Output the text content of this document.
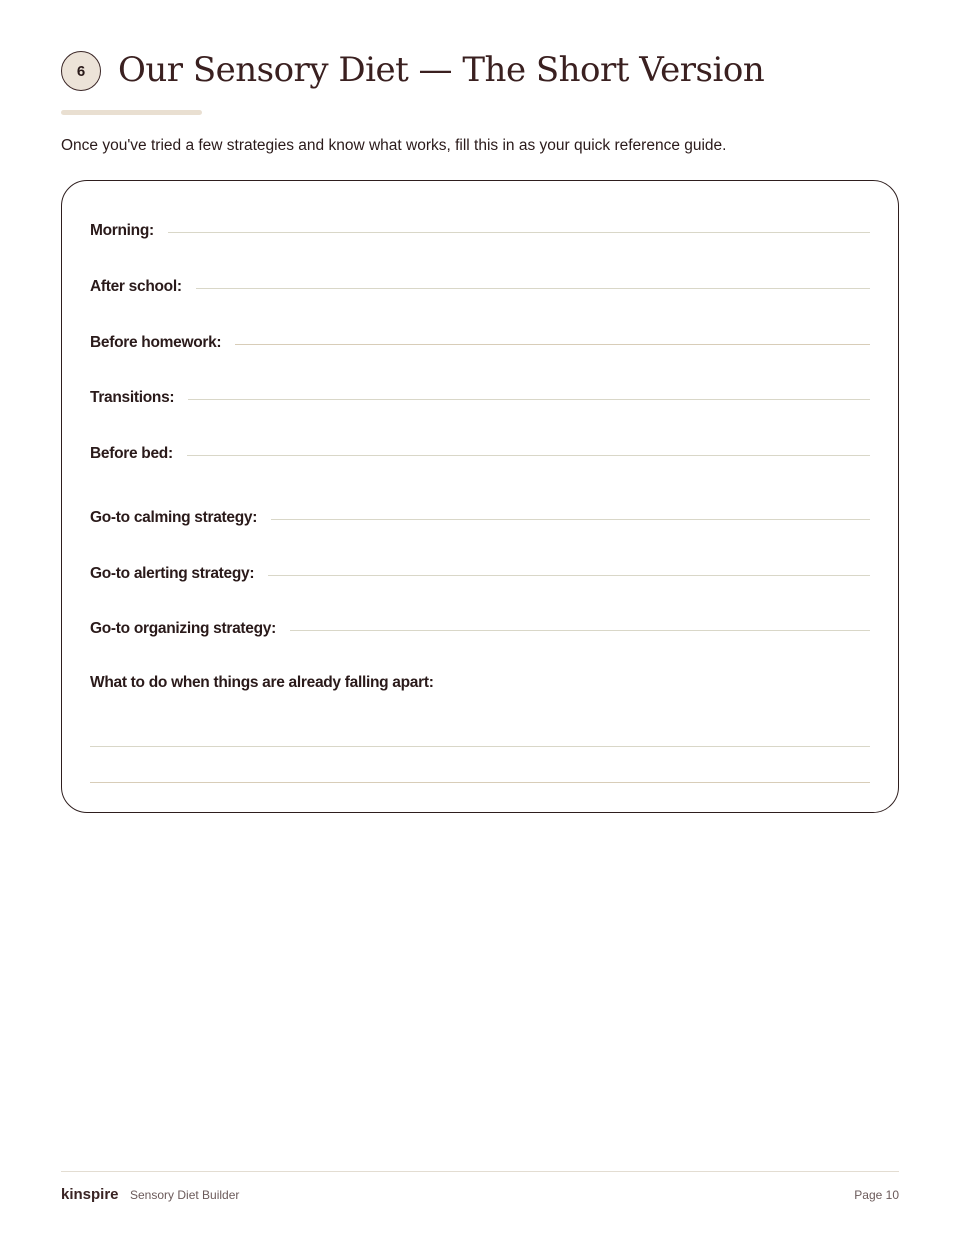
6 Our Sensory Diet — The Short Version

Once you've tried a few strategies and know what works, fill this in as your quick reference guide.

Morning:
After school:
Before homework:
Transitions:
Before bed:
Go-to calming strategy:
Go-to alerting strategy:
Go-to organizing strategy:
What to do when things are already falling apart:
kinspire Sensory Diet Builder	Page 10
